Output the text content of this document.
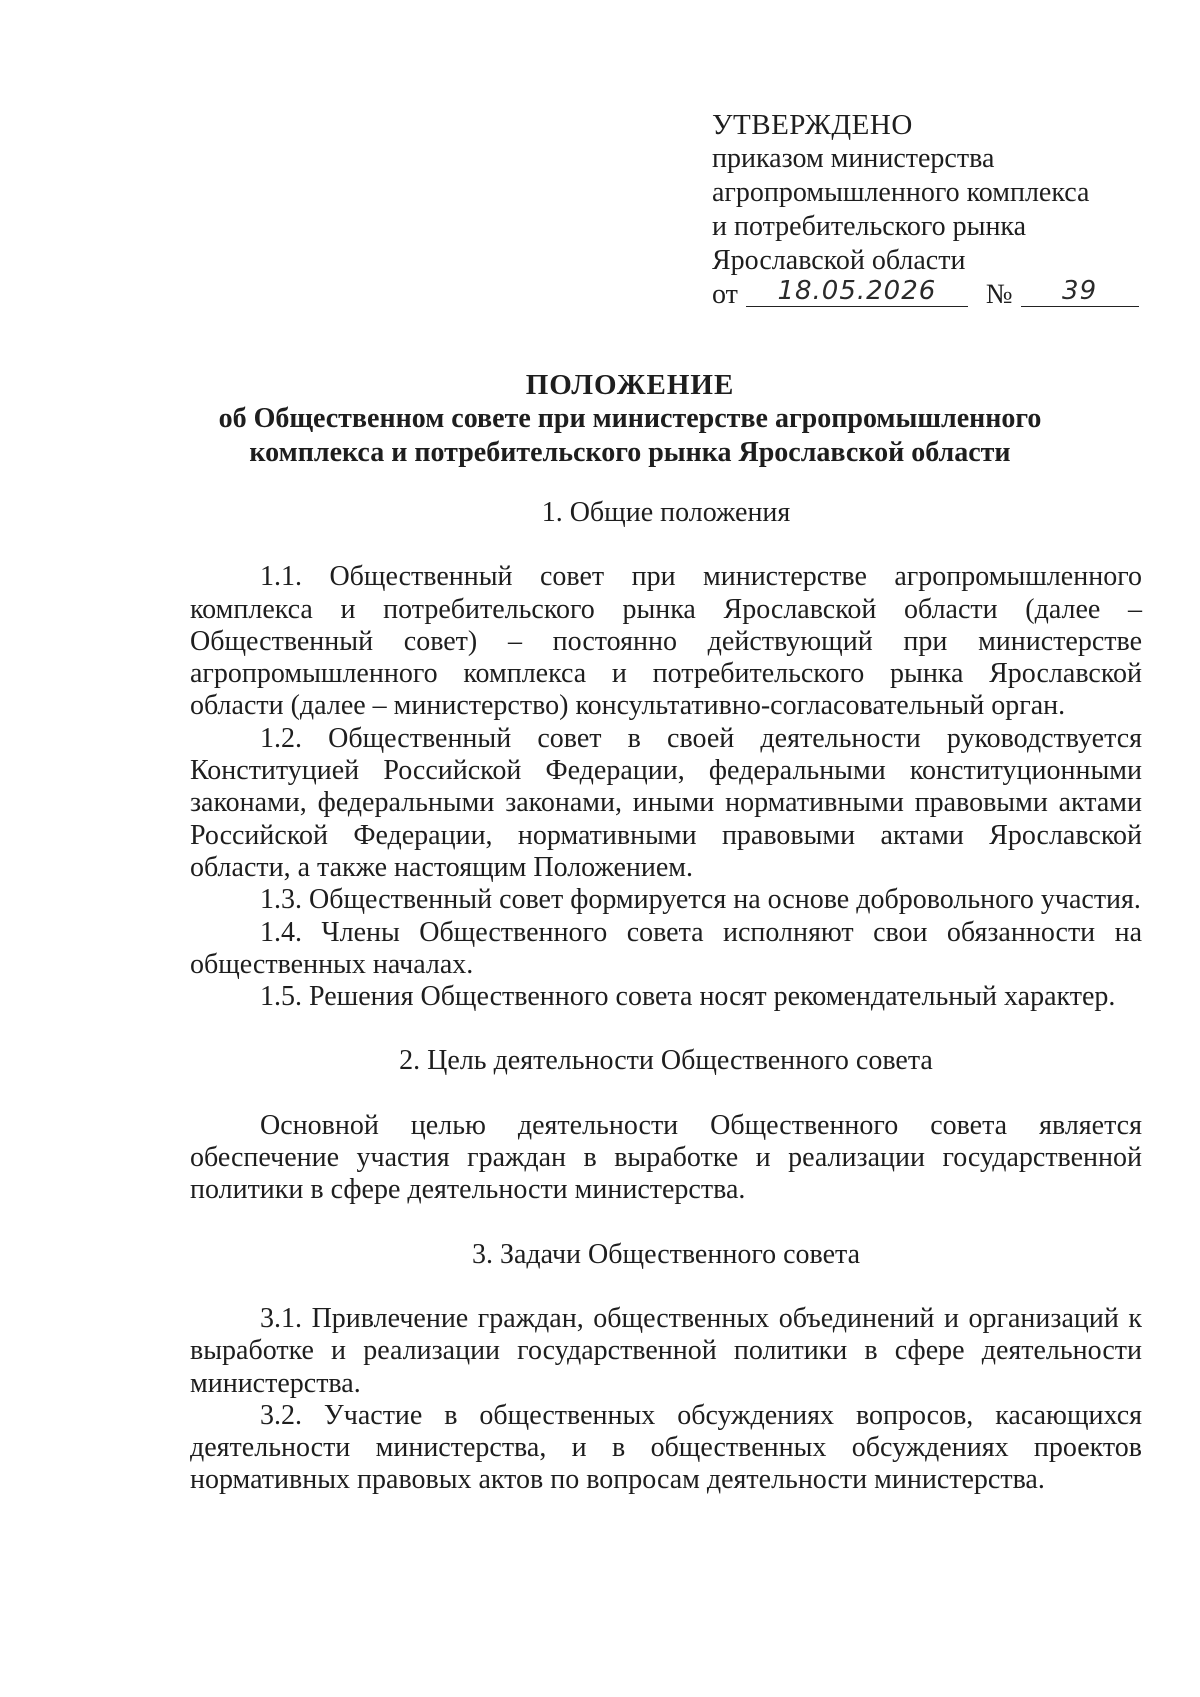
УТВЕРЖДЕНО
приказом министерства
агропромышленного комплекса
и потребительского рынка
Ярославской области
от 18.05.2026 № 39
ПОЛОЖЕНИЕ
об Общественном совете при министерстве агропромышленного
комплекса и потребительского рынка Ярославской области

1. Общие положения

1.1. Общественный совет при министерстве агропромышленного комплекса и потребительского рынка Ярославской области (далее – Общественный совет) – постоянно действующий при министерстве агропромышленного комплекса и потребительского рынка Ярославской области (далее – министерство) консультативно-согласовательный орган.

1.2. Общественный совет в своей деятельности руководствуется Конституцией Российской Федерации, федеральными конституционными законами, федеральными законами, иными нормативными правовыми актами Российской Федерации, нормативными правовыми актами Ярославской области, а также настоящим Положением.

1.3. Общественный совет формируется на основе добровольного участия.

1.4. Члены Общественного совета исполняют свои обязанности на общественных началах.

1.5. Решения Общественного совета носят рекомендательный характер.

2. Цель деятельности Общественного совета

Основной целью деятельности Общественного совета является обеспечение участия граждан в выработке и реализации государственной политики в сфере деятельности министерства.

3. Задачи Общественного совета

3.1. Привлечение граждан, общественных объединений и организаций к выработке и реализации государственной политики в сфере деятельности министерства.

3.2. Участие в общественных обсуждениях вопросов, касающихся деятельности министерства, и в общественных обсуждениях проектов нормативных правовых актов по вопросам деятельности министерства.
